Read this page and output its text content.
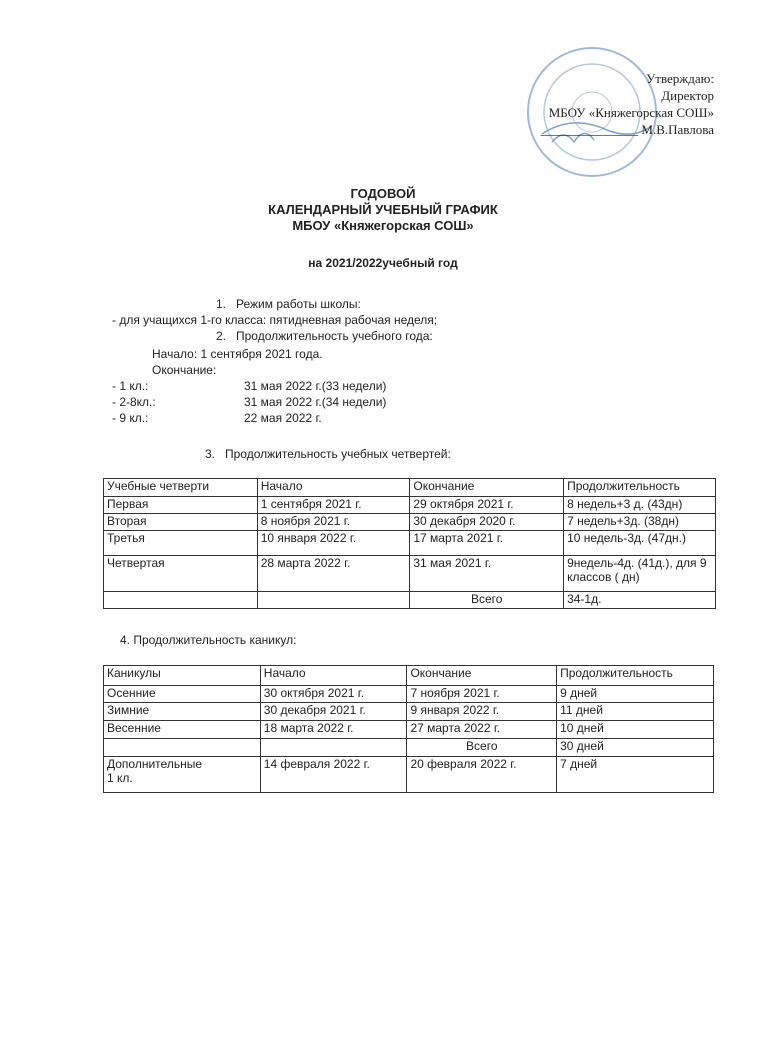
Утверждаю:
Директор
МБОУ «Княжегорская СОШ»
_______________ М.В.Павлова
ГОДОВОЙ
КАЛЕНДАРНЫЙ УЧЕБНЫЙ ГРАФИК
МБОУ «Княжегорская СОШ»
на 2021/2022учебный год
1.   Режим работы школы:
- для учащихся 1-го класса: пятидневная рабочая неделя;
2.   Продолжительность учебного года:
Начало: 1 сентября 2021 года.
Окончание:
- 1 кл.:	31 мая 2022 г.(33 недели)
- 2-8кл.:	31 мая 2022 г.(34 недели)
- 9 кл.:	22 мая 2022 г.
3.   Продолжительность учебных четвертей:
Учебные четверти	Начало	Окончание	Продолжительность
Первая	1 сентября 2021 г.	29 октября 2021 г.	8 недель+3 д. (43дн)
Вторая	8 ноября 2021 г.	30 декабря 2020 г.	7 недель+3д. (38дн)
Третья	10 января 2022 г.	17 марта 2021 г.	10 недель-3д. (47дн.)
Четвертая	28 марта 2022 г.	31 мая 2021 г.	9недель-4д. (41д.), для 9 классов ( дн)
		Всего	34-1д.
4. Продолжительность каникул:
Каникулы	Начало	Окончание	Продолжительность
Осенние	30 октября 2021 г.	7 ноября 2021 г.	9 дней
Зимние	30 декабря 2021 г.	9 января 2022 г.	11 дней
Весенние	18 марта 2022 г.	27 марта 2022 г.	10 дней
		Всего	30 дней
Дополнительные
1 кл.	14 февраля 2022 г.	20 февраля 2022 г.	7 дней
